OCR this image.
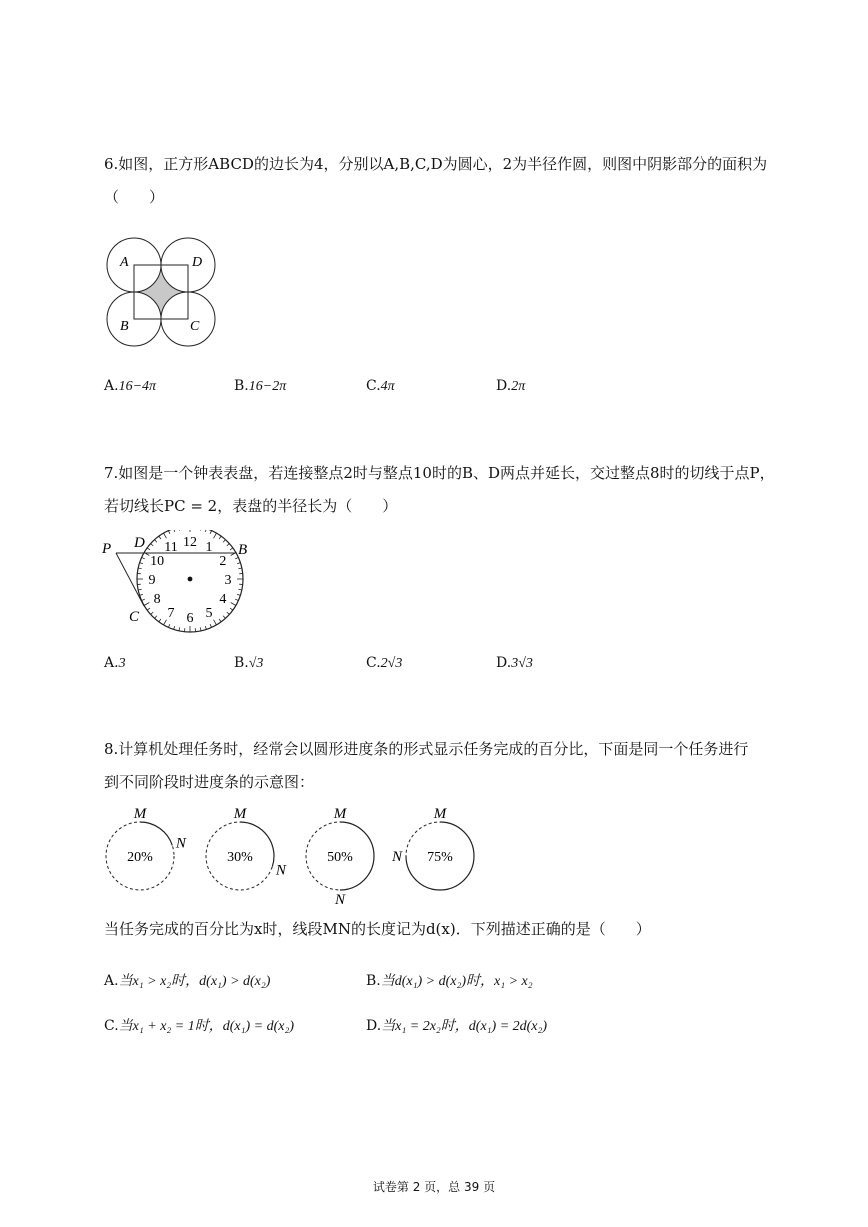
6.如图，正方形ABCD的边长为4，分别以A,B,C,D为圆心，2为半径作圆，则图中阴影部分的面积为
（　　）
A	D
B	C
A.16−4π	B.16−2π	C.4π	D.2π
7.如图是一个钟表表盘，若连接整点2时与整点10时的B、D两点并延长，交过整点8时的切线于点P，
若切线长PC = 2，表盘的半径长为（　　）
12 1
2
3
4
5
6
7
8
9
10
11
P D	B
C
A.3	B.√3	C.2√3	D.3√3
8.计算机处理任务时，经常会以圆形进度条的形式显示任务完成的百分比，下面是同一个任务进行
到不同阶段时进度条的示意图：
20%
M
N
30%
M
N
50%
M
N
75%
M
N
当任务完成的百分比为x时，线段MN的长度记为d(x)．下列描述正确的是（　　）
A.当x₁ > x₂时，d(x₁) > d(x₂)	B.当d(x₁) > d(x₂)时，x₁ > x₂
C.当x₁ + x₂ = 1时，d(x₁) = d(x₂)	D.当x₁ = 2x₂时，d(x₁) = 2d(x₂)
试卷第 2 页，总 39 页
